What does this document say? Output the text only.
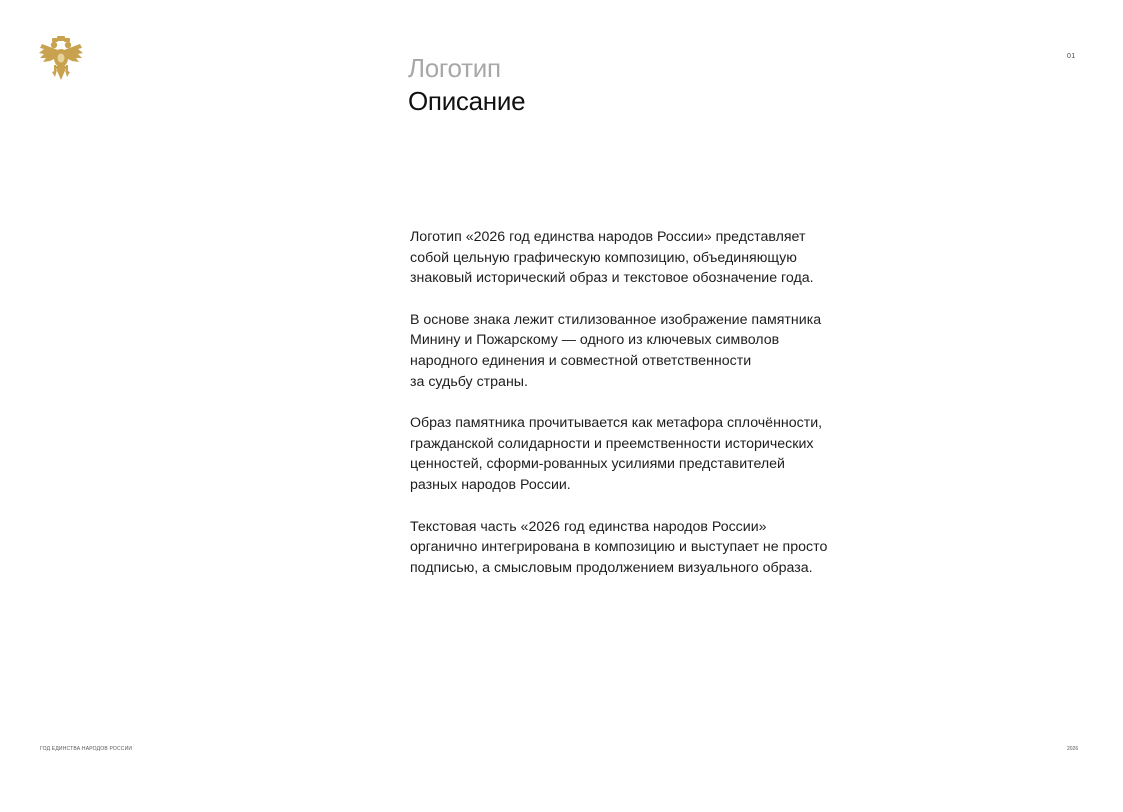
01
Логотип
Описание

Логотип «2026 год единства народов России» представляет
собой цельную графическую композицию, объединяющую
знаковый исторический образ и текстовое обозначение года.

В основе знака лежит стилизованное изображение памятника
Минину и Пожарскому — одного из ключевых символов
народного единения и совместной ответственности
за судьбу страны.

Образ памятника прочитывается как метафора сплочённости,
гражданской солидарности и преемственности исторических
ценностей, сформи-рованных усилиями представителей
разных народов России.

Текстовая часть «2026 год единства народов России»
органично интегрирована в композицию и выступает не просто
подписью, а смысловым продолжением визуального образа.

ГОД ЕДИНСТВА НАРОДОВ РОССИИ	2026
